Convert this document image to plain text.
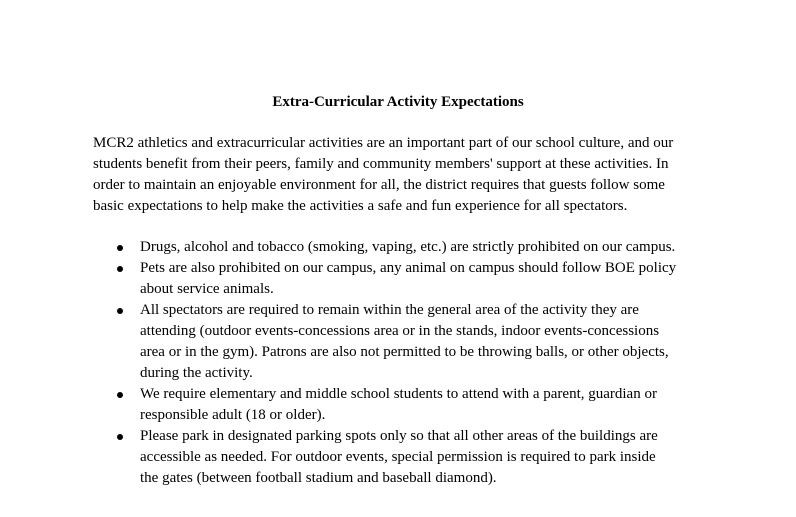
Extra-Curricular Activity Expectations

MCR2 athletics and extracurricular activities are an important part of our school culture, and our
students benefit from their peers, family and community members' support at these activities. In
order to maintain an enjoyable environment for all, the district requires that guests follow some
basic expectations to help make the activities a safe and fun experience for all spectators.

Drugs, alcohol and tobacco (smoking, vaping, etc.) are strictly prohibited on our campus.
Pets are also prohibited on our campus, any animal on campus should follow BOE policy
about service animals.
All spectators are required to remain within the general area of the activity they are
attending (outdoor events-concessions area or in the stands, indoor events-concessions
area or in the gym). Patrons are also not permitted to be throwing balls, or other objects,
during the activity.
We require elementary and middle school students to attend with a parent, guardian or
responsible adult (18 or older).
Please park in designated parking spots only so that all other areas of the buildings are
accessible as needed. For outdoor events, special permission is required to park inside
the gates (between football stadium and baseball diamond).
